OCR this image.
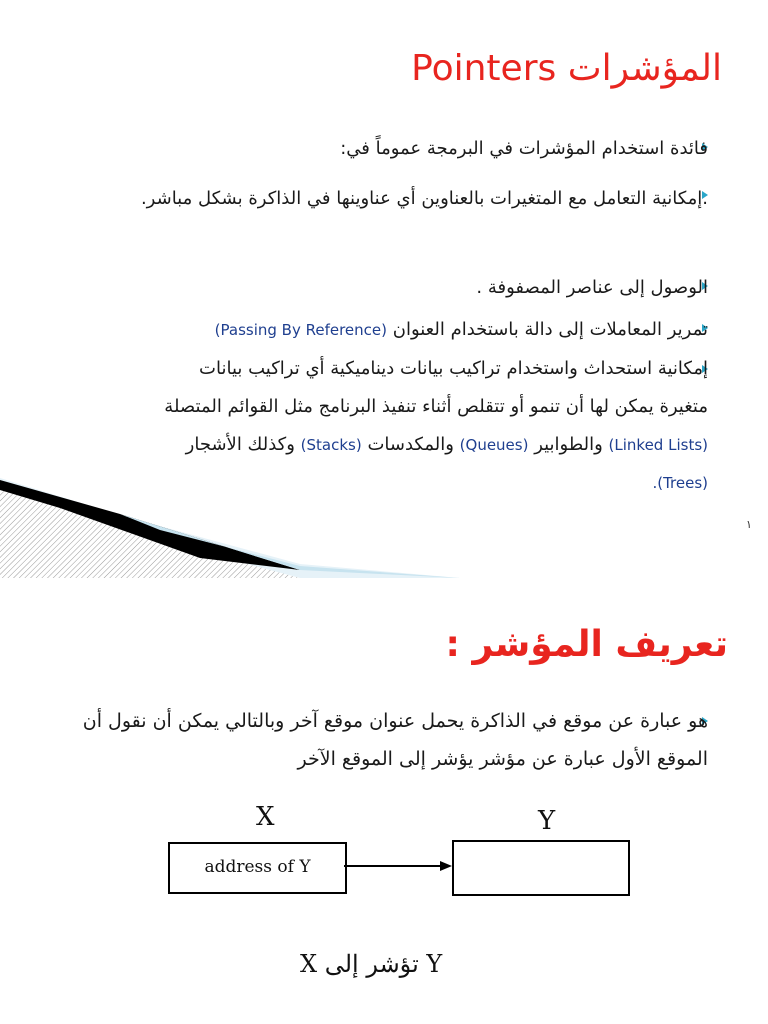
المؤشرات Pointers
فائدة استخدام المؤشرات في البرمجة عموماً في:
.إمكانية التعامل مع المتغيرات بالعناوين أي عناوينها في الذاكرة بشكل مباشر.
الوصول إلى عناصر المصفوفة .
تمرير المعاملات إلى دالة باستخدام العنوان (Passing By Reference)
إمكانية استحداث واستخدام تراكيب بيانات ديناميكية أي تراكيب بيانات
متغيرة يمكن لها أن تنمو أو تتقلص أثناء تنفيذ البرنامج مثل القوائم المتصلة
(Linked Lists) والطوابير (Queues) والمكدسات (Stacks) وكذلك الأشجار
.(Trees)
١
تعريف المؤشر :
هو عبارة عن موقع في الذاكرة يحمل عنوان موقع آخر وبالتالي يمكن أن نقول أن الموقع الأول عبارة عن مؤشر يؤشر إلى الموقع الآخر
X	Y
address of Y
X تؤشر إلى Y
